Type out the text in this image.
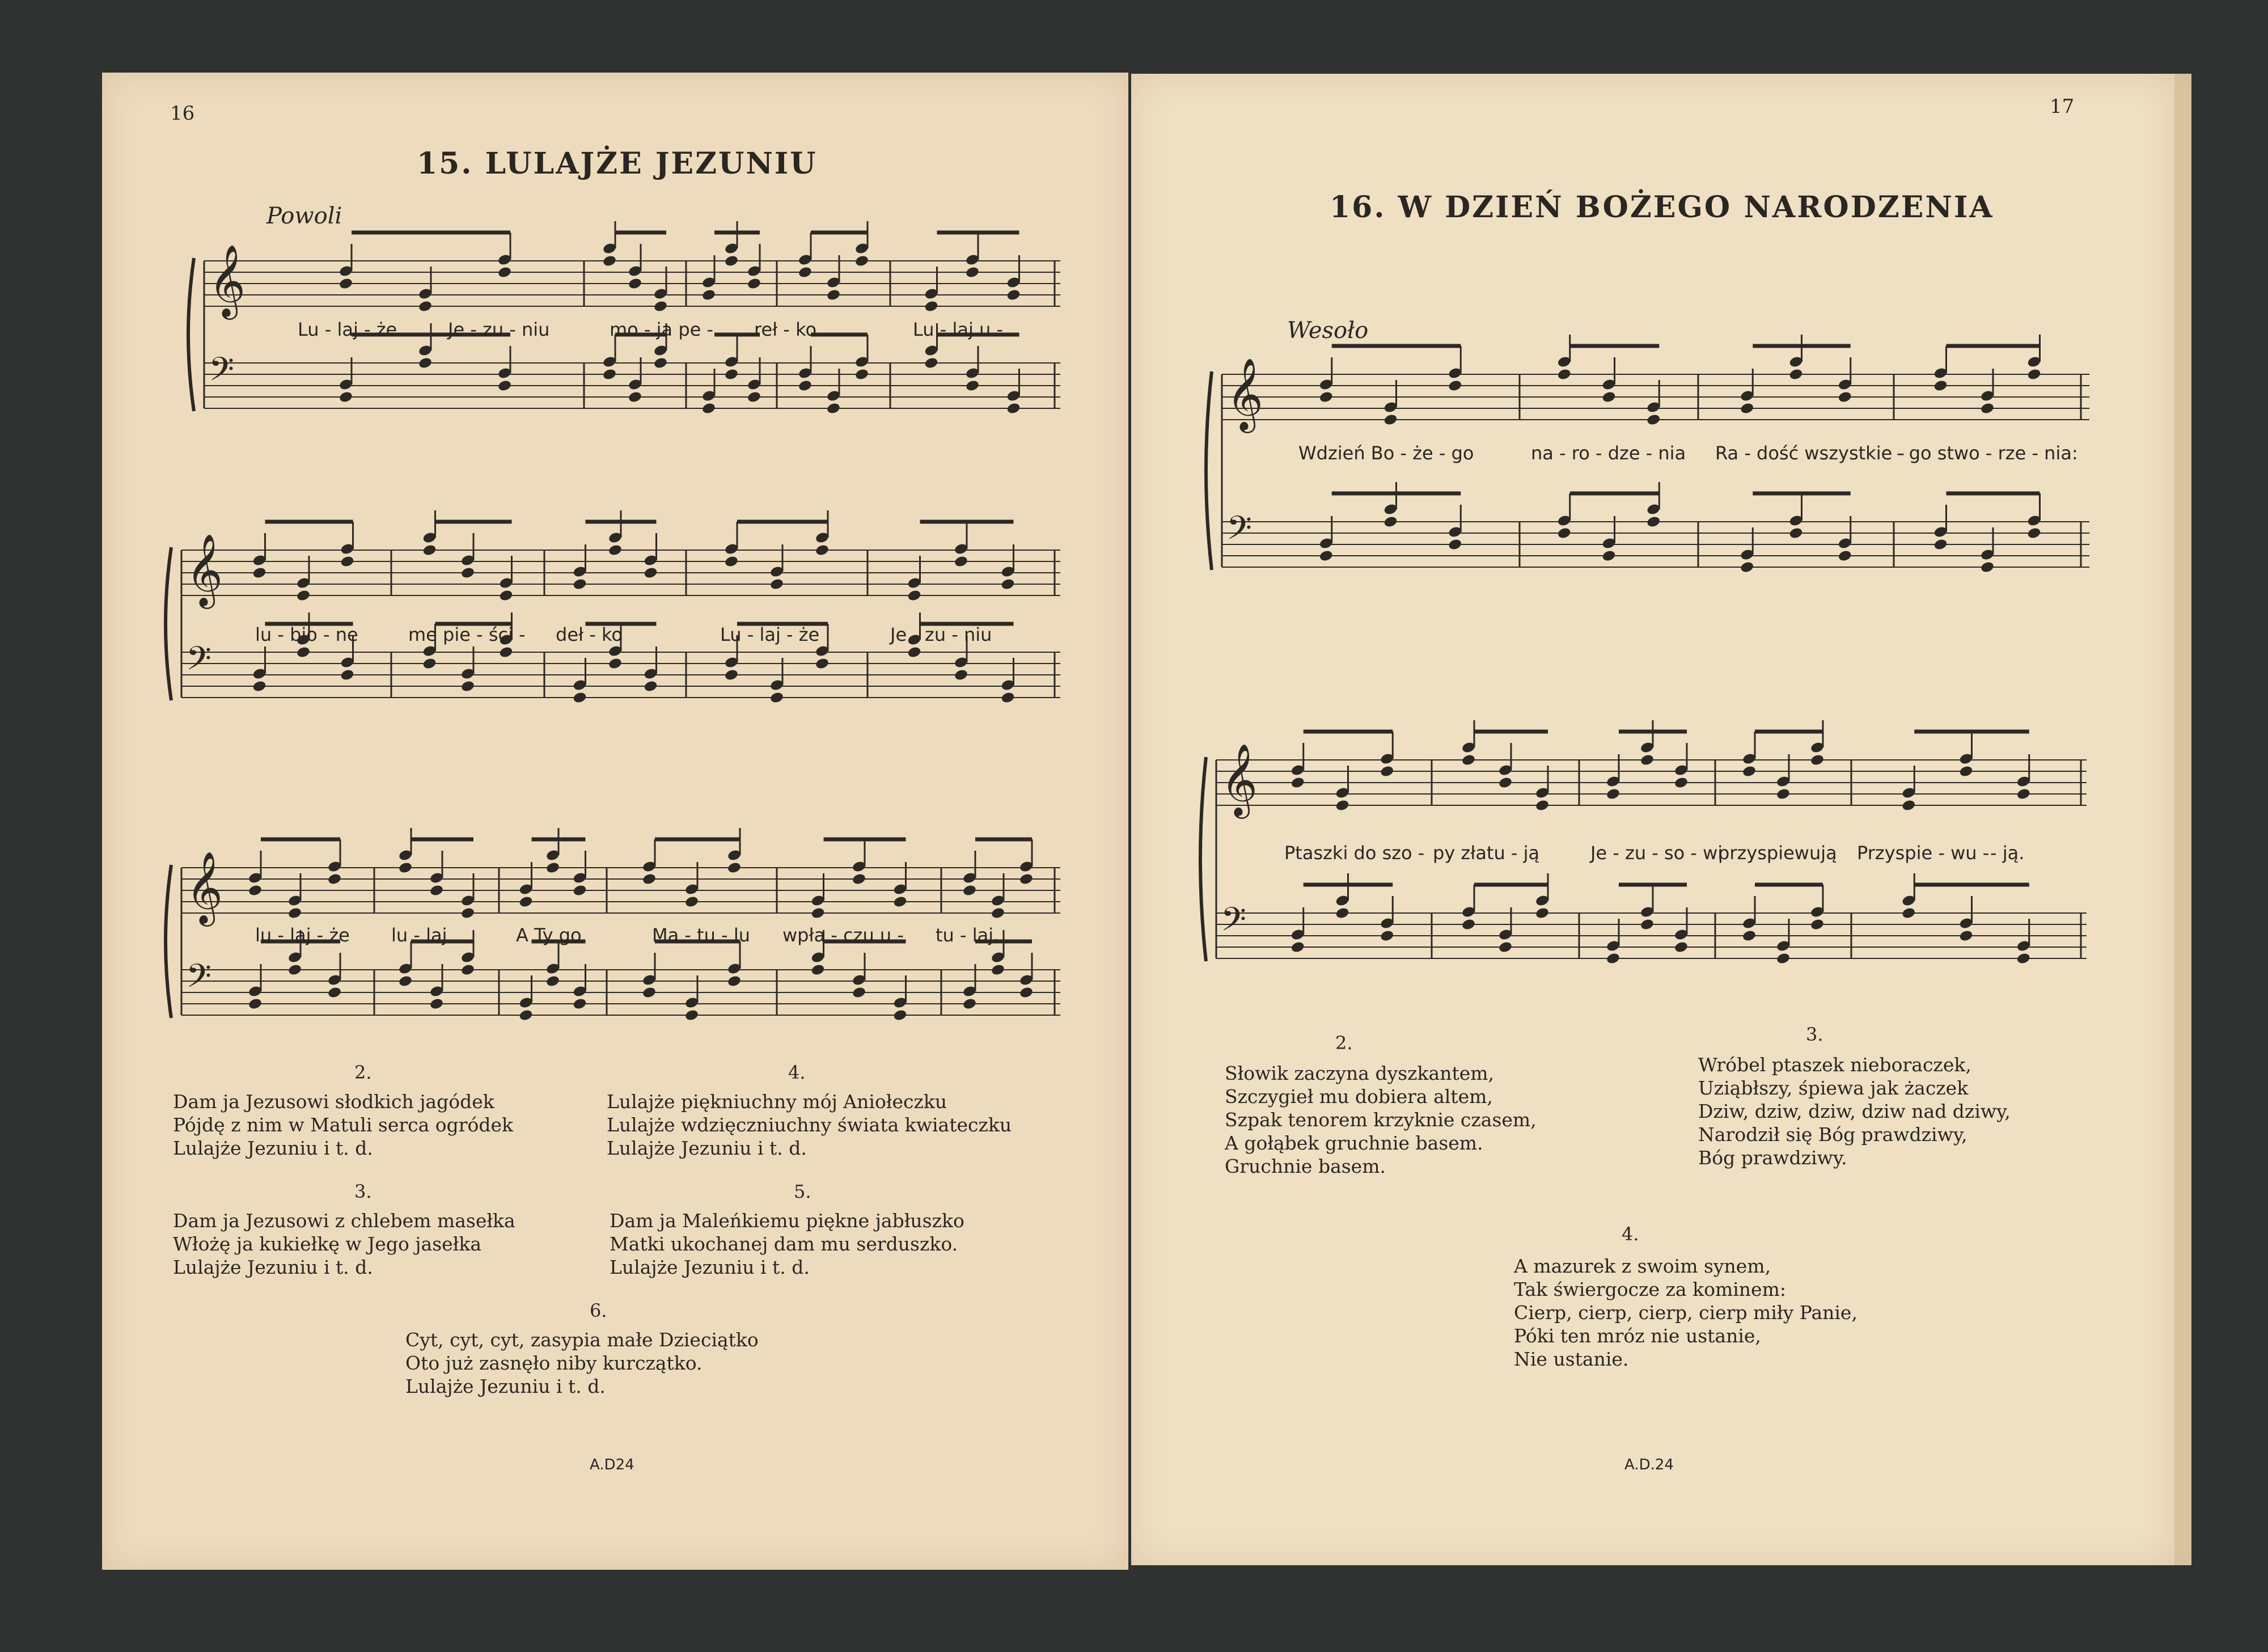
16
15. LULAJŻE JEZUNIU
Powoli
𝄞
𝄢
Lu - laj - że	Je - zu - niu	mo - ja pe - reł - ko	Lu - laj u -
𝄞
𝄢
lu - bio - ne	me pie - ści - deł - ko	Lu - laj - że	Je - zu - niu
𝄞
𝄢
lu - laj - że lu - laj	A Ty go	Ma - tu - lu wpła - czu u - tu - laj.
2.
Dam ja Jezusowi słodkich jagódek
Pójdę z nim w Matuli serca ogródek
Lulajże Jezuniu i t. d.
4.
Lulajże piękniuchny mój Aniołeczku
Lulajże wdzięczniuchny świata kwiateczku
Lulajże Jezuniu i t. d.
3.
Dam ja Jezusowi z chlebem masełka
Włożę ja kukiełkę w Jego jasełka
Lulajże Jezuniu i t. d.
5.
Dam ja Maleńkiemu piękne jabłuszko
Matki ukochanej dam mu serduszko.
Lulajże Jezuniu i t. d.
6.
Cyt, cyt, cyt, zasypia małe Dzieciątko
Oto już zasnęło niby kurczątko.
Lulajże Jezuniu i t. d.
A.D24
17
16. W DZIEŃ BOŻEGO NARODZENIA
Wesoło
𝄞
𝄢
Wdzień Bo - że - go	na - ro - dze - nia Ra - dość wszystkie -
- go stwo - rze - nia:
𝄞
𝄢
Ptaszki do szo - py złatu - ją	Je - zu - so - wi
przyspiewują Przyspie - wu - - ją.
2.
Słowik zaczyna dyszkantem,
Szczygieł mu dobiera altem,
Szpak tenorem krzyknie czasem,
A gołąbek gruchnie basem.
Gruchnie basem.
3.
Wróbel ptaszek nieboraczek,
Uziąbłszy, śpiewa jak żaczek
Dziw, dziw, dziw, dziw nad dziwy,
Narodził się Bóg prawdziwy,
Bóg prawdziwy.
4.
A mazurek z swoim synem,
Tak świergocze za kominem:
Cierp, cierp, cierp, cierp miły Panie,
Póki ten mróz nie ustanie,
Nie ustanie.
A.D.24
